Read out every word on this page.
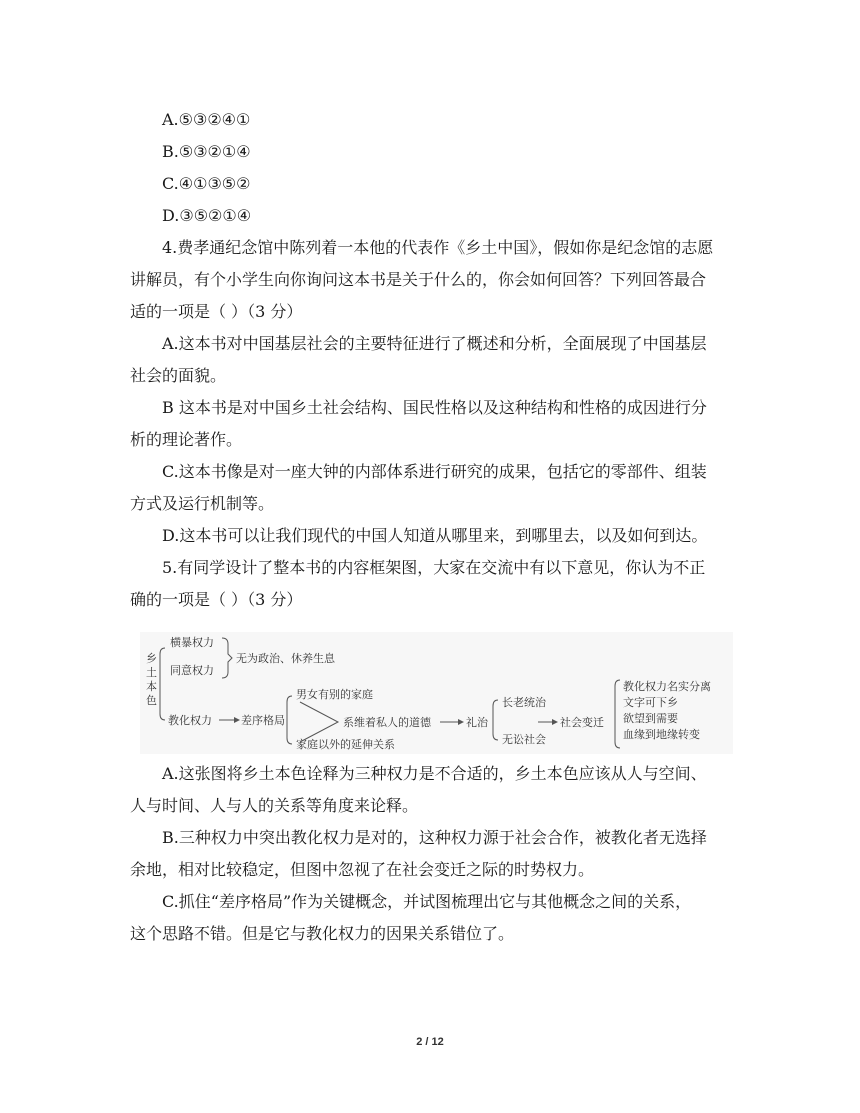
A.⑤③②④①
B.⑤③②①④
C.④①③⑤②
D.③⑤②①④
4.费孝通纪念馆中陈列着一本他的代表作《乡土中国》，假如你是纪念馆的志愿
讲解员，有个小学生向你询问这本书是关于什么的，你会如何回答？下列回答最合
适的一项是（ ）（3 分）
A.这本书对中国基层社会的主要特征进行了概述和分析，全面展现了中国基层
社会的面貌。
B 这本书是对中国乡土社会结构、国民性格以及这种结构和性格的成因进行分
析的理论著作。
C.这本书像是对一座大钟的内部体系进行研究的成果，包括它的零部件、组装
方式及运行机制等。
D.这本书可以让我们现代的中国人知道从哪里来，到哪里去，以及如何到达。
5.有同学设计了整本书的内容框架图，大家在交流中有以下意见，你认为不正
确的一项是（ ）（3 分）
A.这张图将乡土本色诠释为三种权力是不合适的，乡土本色应该从人与空间、
人与时间、人与人的关系等角度来论释。
B.三种权力中突出教化权力是对的，这种权力源于社会合作，被教化者无选择
余地，相对比较稳定，但图中忽视了在社会变迁之际的时势权力。
C.抓住“差序格局”作为关键概念，并试图梳理出它与其他概念之间的关系，
这个思路不错。但是它与教化权力的因果关系错位了。
乡
土
本
色
横暴权力
同意权力
教化权力
无为政治、休养生息
差序格局
男女有别的家庭
家庭以外的延伸关系
系维着私人的道德	礼治
长老统治
无讼社会
社会变迁
教化权力名实分离
文字可下乡
欲望到需要
血缘到地缘转变
2 / 12
